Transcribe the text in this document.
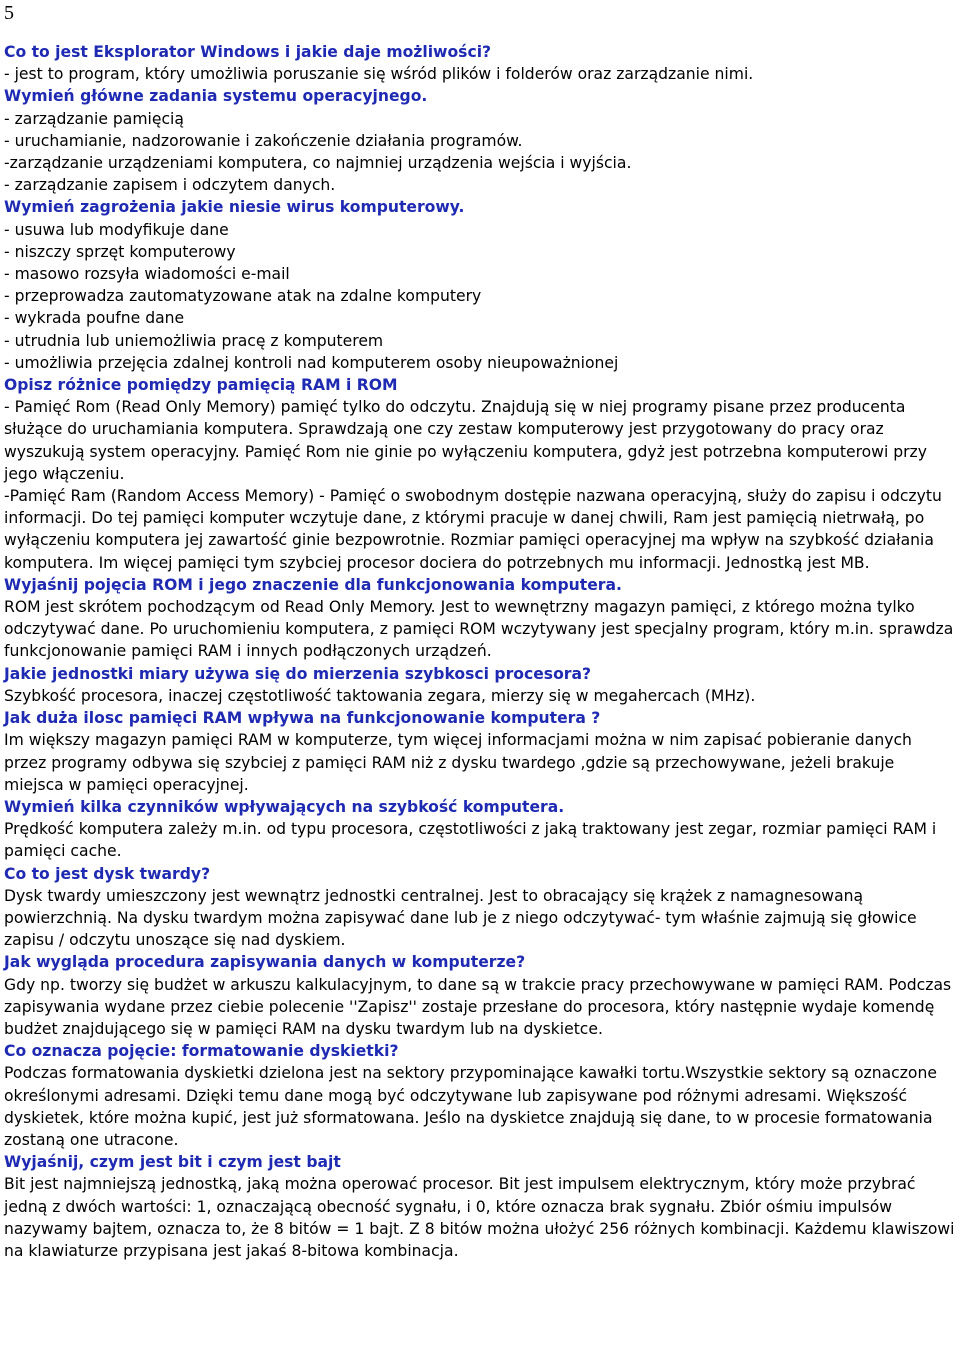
5

Co to jest Eksplorator Windows i jakie daje możliwości?

- jest to program, który umożliwia poruszanie się wśród plików i folderów oraz zarządzanie nimi.

Wymień główne zadania systemu operacyjnego.

- zarządzanie pamięcią

- uruchamianie, nadzorowanie i zakończenie działania programów.

-zarządzanie urządzeniami komputera, co najmniej urządzenia wejścia i wyjścia.

- zarządzanie zapisem i odczytem danych.

Wymień zagrożenia jakie niesie wirus komputerowy.

- usuwa lub modyfikuje dane

- niszczy sprzęt komputerowy

- masowo rozsyła wiadomości e-mail

- przeprowadza zautomatyzowane atak na zdalne komputery

- wykrada poufne dane

- utrudnia lub uniemożliwia pracę z komputerem

- umożliwia przejęcia zdalnej kontroli nad komputerem osoby nieupoważnionej

Opisz różnice pomiędzy pamięcią RAM i ROM

- Pamięć Rom (Read Only Memory) pamięć tylko do odczytu. Znajdują się w niej programy pisane przez producenta służące do uruchamiania komputera. Sprawdzają one czy zestaw komputerowy jest przygotowany do pracy oraz wyszukują system operacyjny. Pamięć Rom nie ginie po wyłączeniu komputera, gdyż jest potrzebna komputerowi przy jego włączeniu.

-Pamięć Ram (Random Access Memory) - Pamięć o swobodnym dostępie nazwana operacyjną, służy do zapisu i odczytu informacji. Do tej pamięci komputer wczytuje dane, z którymi pracuje w danej chwili, Ram jest pamięcią nietrwałą, po wyłączeniu komputera jej zawartość ginie bezpowrotnie. Rozmiar pamięci operacyjnej ma wpływ na szybkość działania komputera. Im więcej pamięci tym szybciej procesor dociera do potrzebnych mu informacji. Jednostką jest MB.

Wyjaśnij pojęcia ROM i jego znaczenie dla funkcjonowania komputera.

ROM jest skrótem pochodzącym od Read Only Memory. Jest to wewnętrzny magazyn pamięci, z którego można tylko odczytywać dane. Po uruchomieniu komputera, z pamięci ROM wczytywany jest specjalny program, który m.in. sprawdza funkcjonowanie pamięci RAM i innych podłączonych urządzeń.

Jakie jednostki miary używa się do mierzenia szybkosci procesora?

Szybkość procesora, inaczej częstotliwość taktowania zegara, mierzy się w megahercach (MHz).

Jak duża ilosc pamięci RAM wpływa na funkcjonowanie komputera ?

Im większy magazyn pamięci RAM w komputerze, tym więcej informacjami można w nim zapisać pobieranie danych przez programy odbywa się szybciej z pamięci RAM niż z dysku twardego ,gdzie są przechowywane, jeżeli brakuje miejsca w pamięci operacyjnej.

Wymień kilka czynników wpływających na szybkość komputera.

Prędkość komputera zależy m.in. od typu procesora, częstotliwości z jaką traktowany jest zegar, rozmiar pamięci RAM i pamięci cache.

Co to jest dysk twardy?

Dysk twardy umieszczony jest wewnątrz jednostki centralnej. Jest to obracający się krążek z namagnesowaną powierzchnią. Na dysku twardym można zapisywać dane lub je z niego odczytywać- tym właśnie zajmują się głowice zapisu / odczytu unoszące się nad dyskiem.

Jak wygląda procedura zapisywania danych w komputerze?

Gdy np. tworzy się budżet w arkuszu kalkulacyjnym, to dane są w trakcie pracy przechowywane w pamięci RAM. Podczas zapisywania wydane przez ciebie polecenie ''Zapisz'' zostaje przesłane do procesora, który następnie wydaje komendę budżet znajdującego się w pamięci RAM na dysku twardym lub na dyskietce.

Co oznacza pojęcie: formatowanie dyskietki?

Podczas formatowania dyskietki dzielona jest na sektory przypominające kawałki tortu.Wszystkie sektory są oznaczone określonymi adresami. Dzięki temu dane mogą być odczytywane lub zapisywane pod różnymi adresami. Większość dyskietek, które można kupić, jest już sformatowana. Jeślo na dyskietce znajdują się dane, to w procesie formatowania zostaną one utracone.

Wyjaśnij, czym jest bit i czym jest bajt

Bit jest najmniejszą jednostką, jaką można operować procesor. Bit jest impulsem elektrycznym, który może przybrać jedną z dwóch wartości: 1, oznaczającą obecność sygnału, i 0, które oznacza brak sygnału. Zbiór ośmiu impulsów nazywamy bajtem, oznacza to, że 8 bitów = 1 bajt. Z 8 bitów można ułożyć 256 różnych kombinacji. Każdemu klawiszowi na klawiaturze przypisana jest jakaś 8-bitowa kombinacja.
